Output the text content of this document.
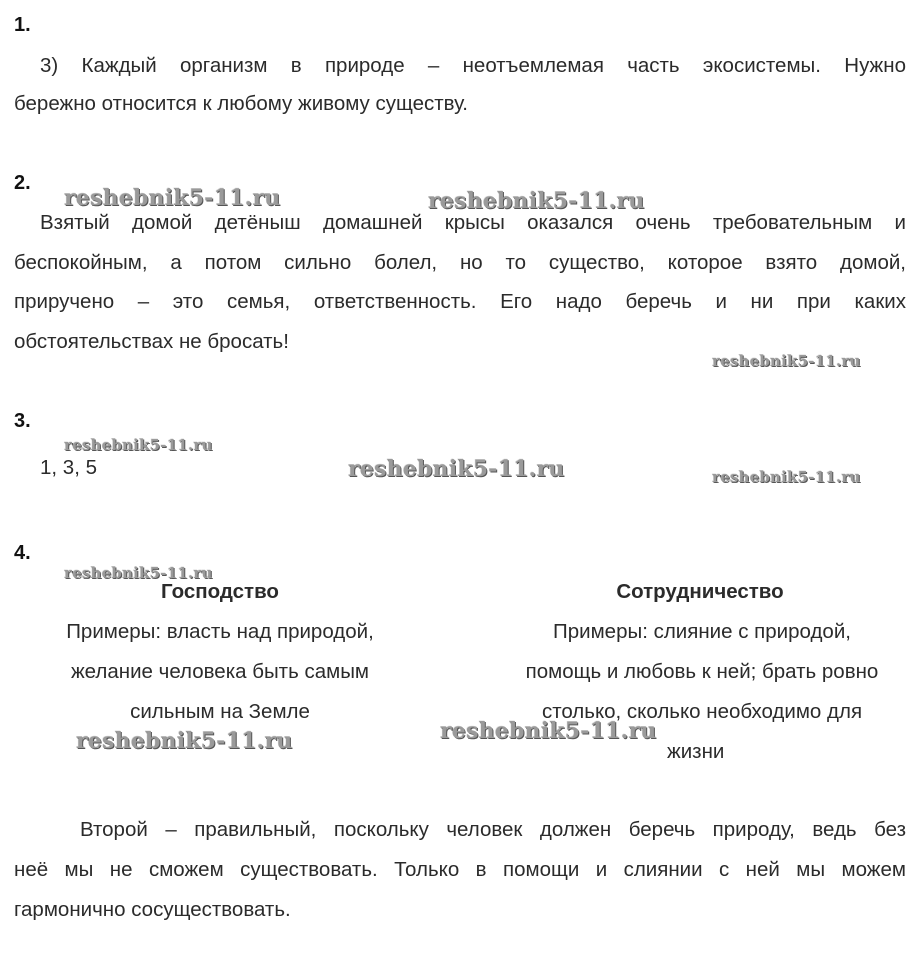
1.
3) Каждый организм в природе – неотъемлемая часть экосистемы. Нужно
бережно относится к любому живому существу.
2.
reshebnik5-11.ru	reshebnik5-11.ru
Взятый домой детёныш домашней крысы оказался очень требовательным и
беспокойным, а потом сильно болел, но то существо, которое взято домой,
приручено – это семья, ответственность. Его надо беречь и ни при каких
обстоятельствах не бросать!
reshebnik5-11.ru
3.
reshebnik5-11.ru
1, 3, 5	reshebnik5-11.ru	reshebnik5-11.ru
4.
reshebnik5-11.ru
Господство	Сотрудничество
Примеры: власть над природой,
желание человека быть самым
сильным на Земле
Примеры: слияние с природой,
помощь и любовь к ней; брать ровно
столько, сколько необходимо для
жизни
reshebnik5-11.ru	reshebnik5-11.ru
Второй – правильный, поскольку человек должен беречь природу, ведь без
неё мы не сможем существовать. Только в помощи и слиянии с ней мы можем
гармонично сосуществовать.
